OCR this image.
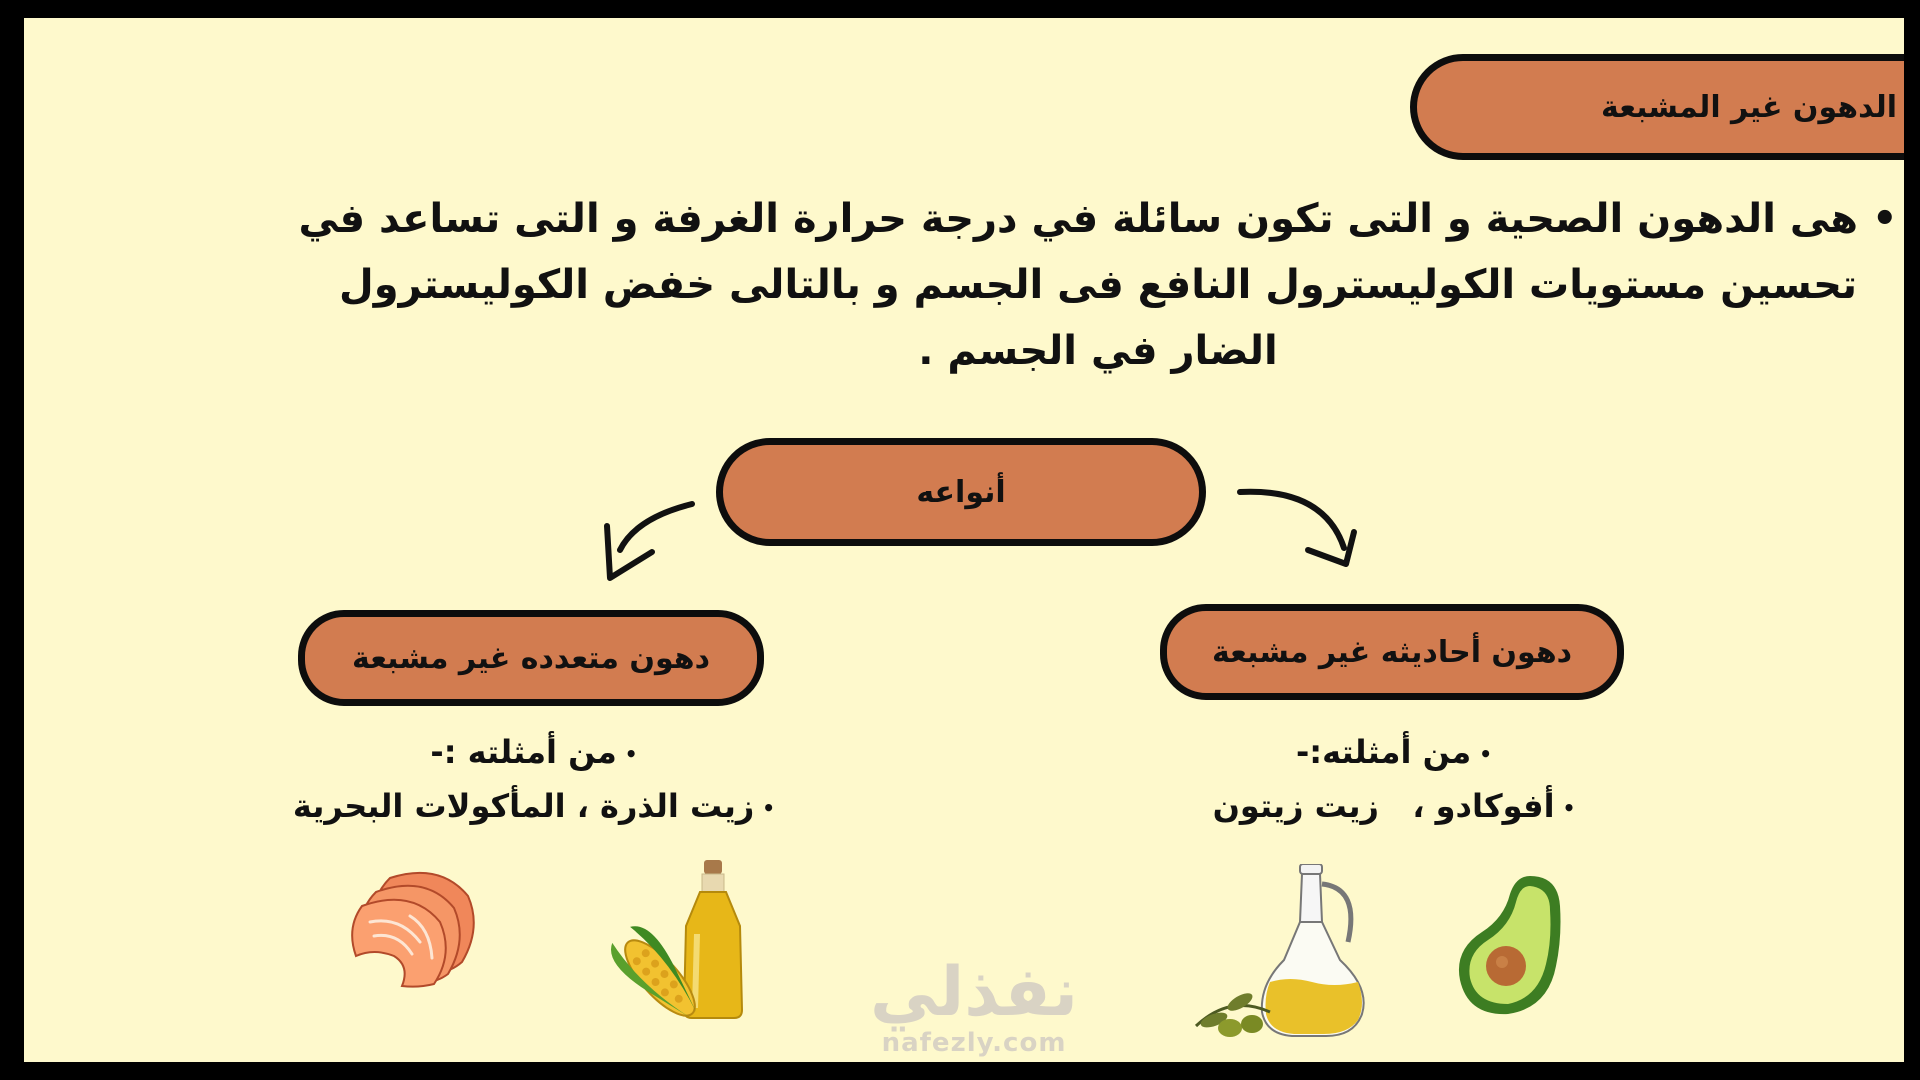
الدهون غير المشبعة
• هى الدهون الصحية و التى تكون سائلة في درجة حرارة الغرفة و التى تساعد في تحسين مستويات الكوليسترول النافع فى الجسم و بالتالى خفض الكوليسترول الضار في الجسم .
أنواعه
دهون متعدده غير مشبعة	دهون أحاديثه غير مشبعة
•من أمثلته :-
•زيت الذرة ، المأكولات البحرية
•من أمثلته:-
•أفوكادو ،   زيت زيتون
نفذلي
nafezly.com
